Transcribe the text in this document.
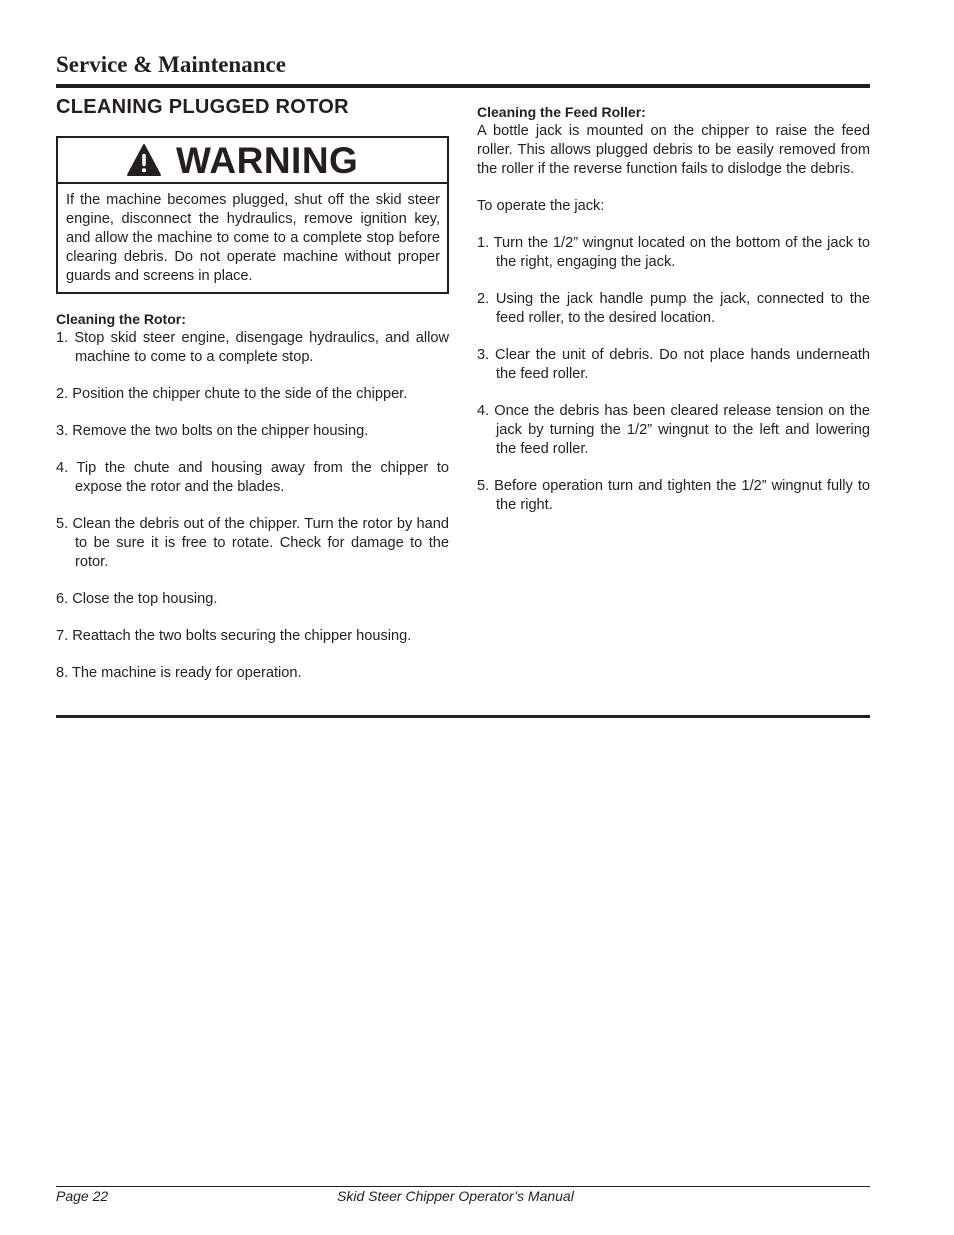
Service & Maintenance
CLEANING PLUGGED ROTOR
WARNING

If the machine becomes plugged, shut off the skid steer engine, disconnect the hydraulics, remove ignition key, and allow the machine to come to a complete stop before clearing debris. Do not operate machine without proper guards and screens in place.

Cleaning the Rotor:

1. Stop skid steer engine, disengage hydraulics, and allow machine to come to a complete stop.

2. Position the chipper chute to the side of the chipper.

3. Remove the two bolts on the chipper housing.

4. Tip the chute and housing away from the chipper to expose the rotor and the blades.

5. Clean the debris out of the chipper. Turn the rotor by hand to be sure it is free to rotate. Check for damage to the rotor.

6. Close the top housing.

7. Reattach the two bolts securing the chipper housing.

8. The machine is ready for operation.

Cleaning the Feed Roller:

A bottle jack is mounted on the chipper to raise the feed roller. This allows plugged debris to be easily removed from the roller if the reverse function fails to dislodge the debris.

To operate the jack:

1. Turn the 1/2” wingnut located on the bottom of the jack to the right, engaging the jack.

2. Using the jack handle pump the jack, connected to the feed roller, to the desired location.

3. Clear the unit of debris. Do not place hands underneath the feed roller.

4. Once the debris has been cleared release tension on the jack by turning the 1/2” wingnut to the left and lowering the feed roller.

5. Before operation turn and tighten the 1/2” wingnut fully to the right.

Page 22	Skid Steer Chipper Operator’s Manual
